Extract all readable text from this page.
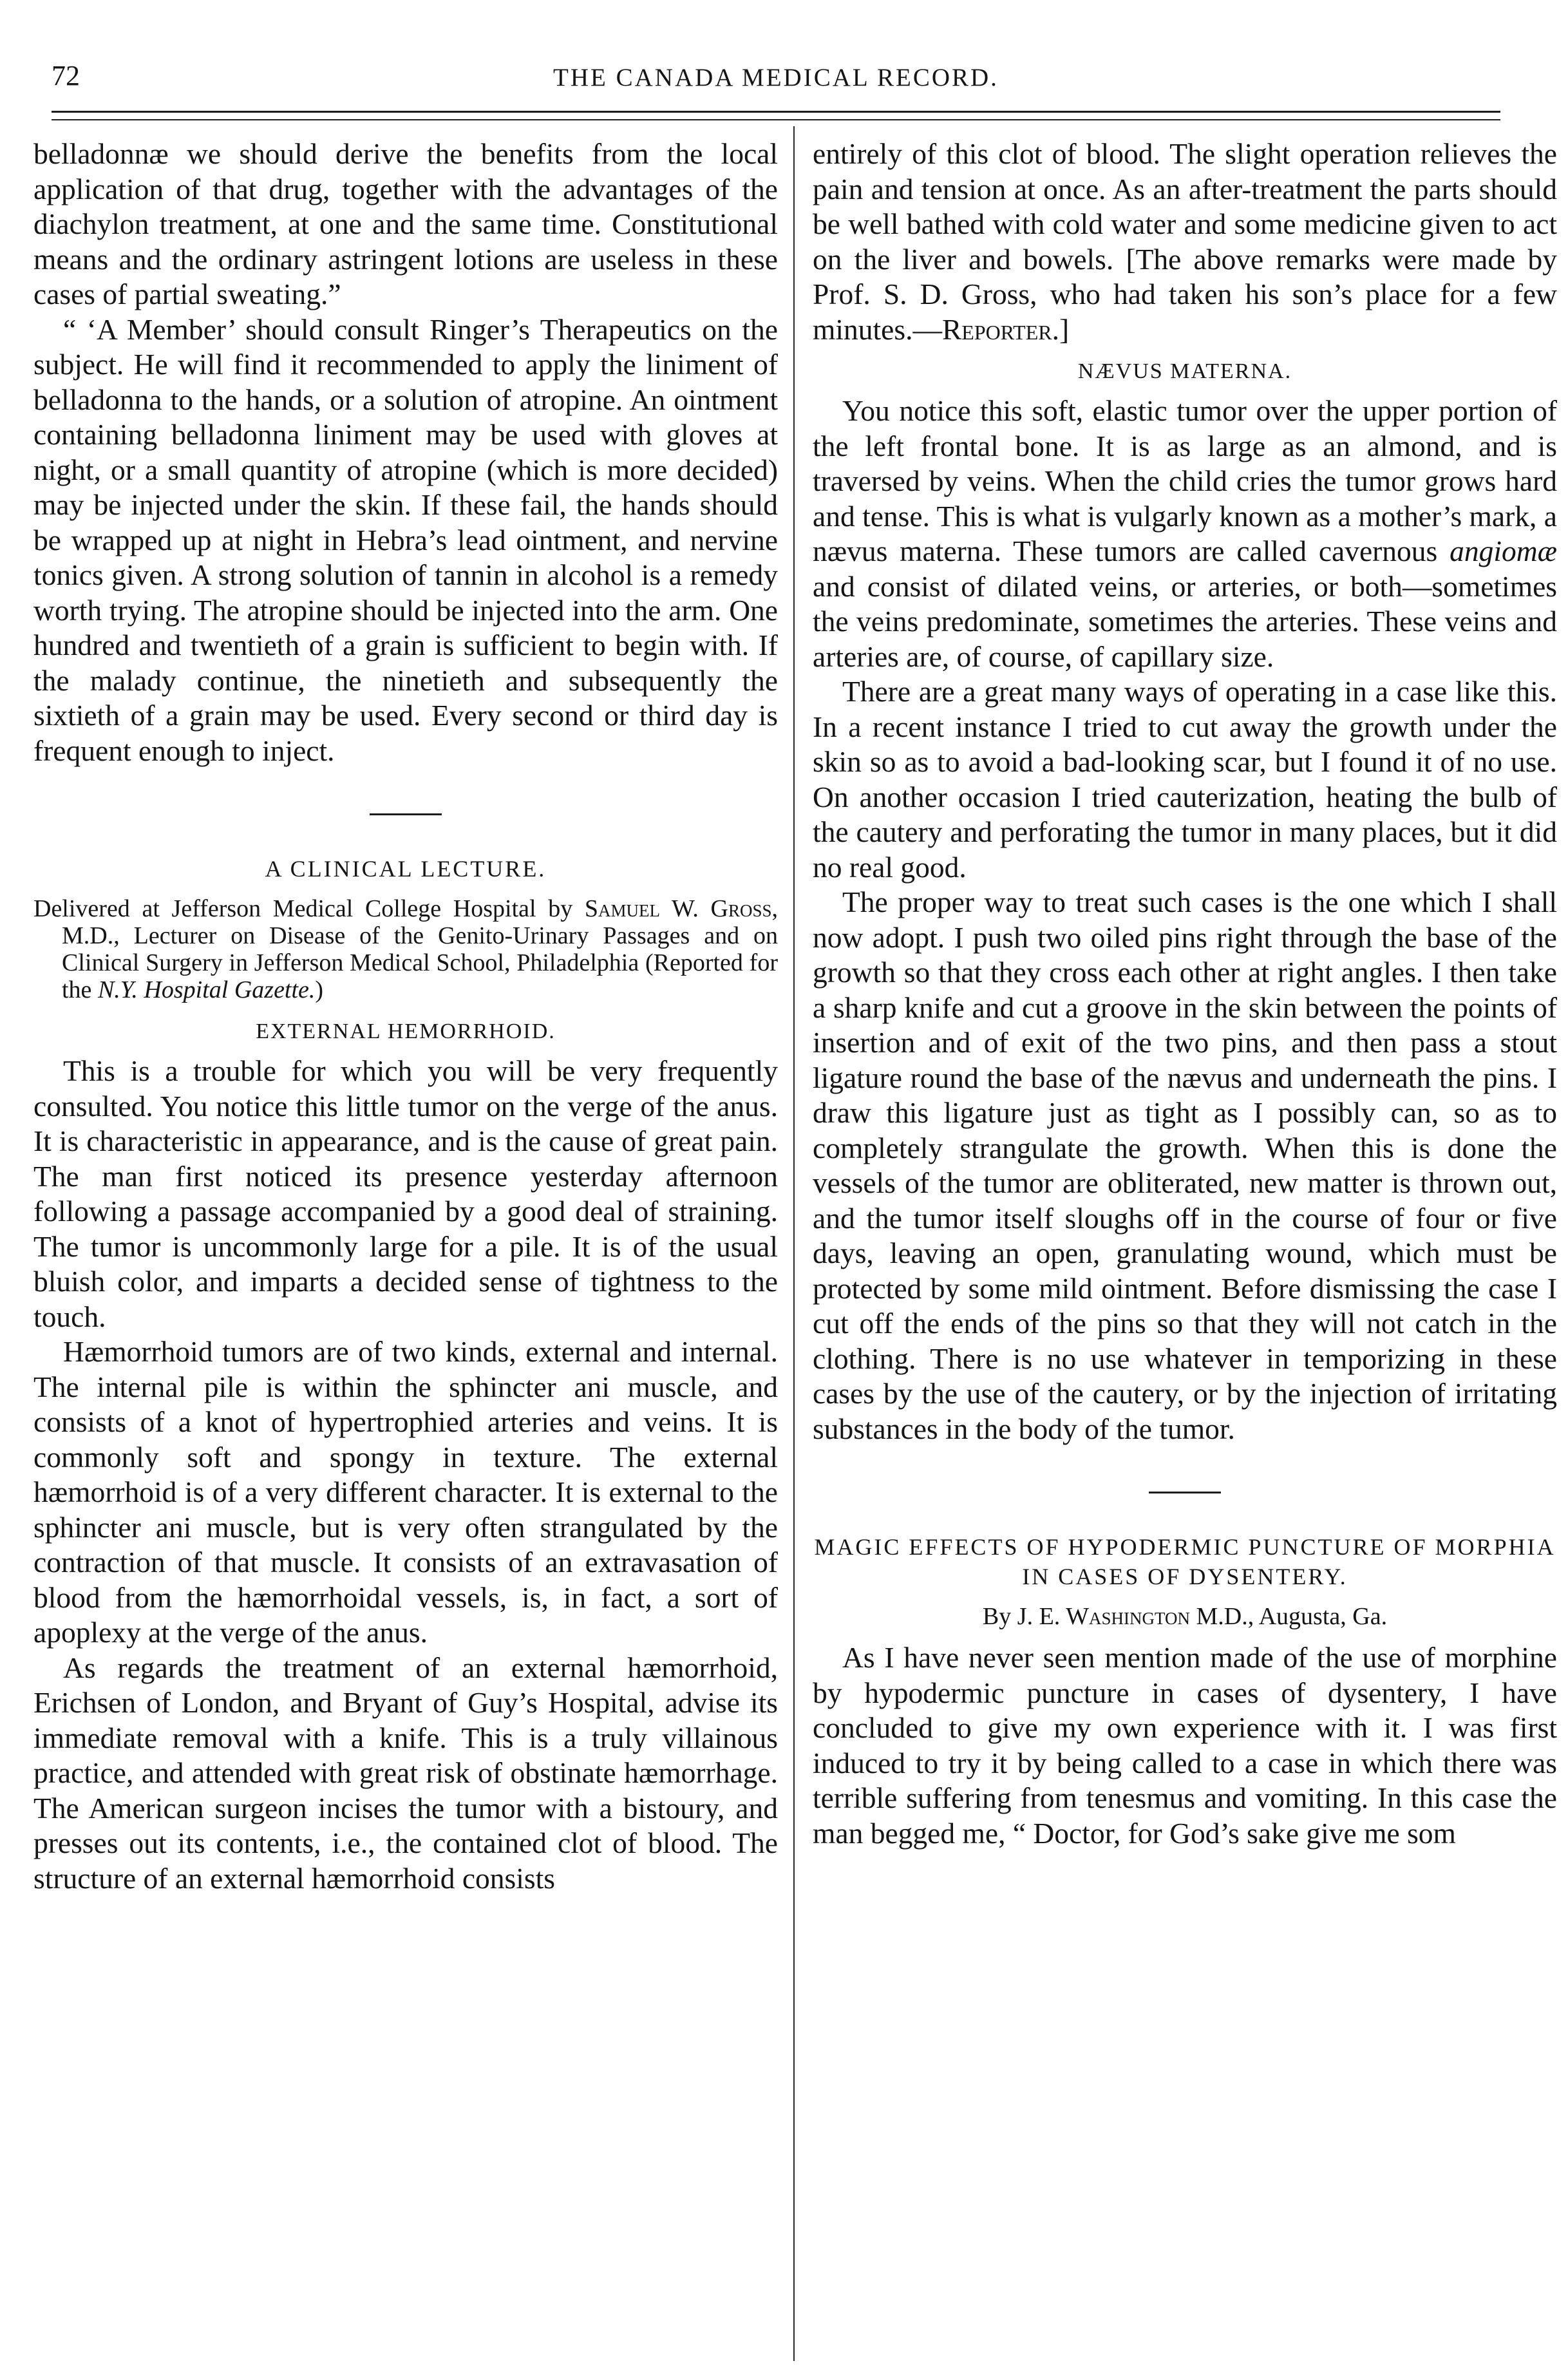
72	THE CANADA MEDICAL RECORD.

belladonnæ we should derive the benefits from the local application of that drug, together with the advantages of the diachylon treatment, at one and the same time. Constitutional means and the ordinary astringent lotions are useless in these cases of partial sweating.”

“ ‘A Member’ should consult Ringer’s Therapeutics on the subject. He will find it recommended to apply the liniment of belladonna to the hands, or a solution of atropine. An ointment containing belladonna liniment may be used with gloves at night, or a small quantity of atropine (which is more decided) may be injected under the skin. If these fail, the hands should be wrapped up at night in Hebra’s lead ointment, and nervine tonics given. A strong solution of tannin in alcohol is a remedy worth trying. The atropine should be injected into the arm. One hundred and twentieth of a grain is sufficient to begin with. If the malady continue, the ninetieth and subsequently the sixtieth of a grain may be used. Every second or third day is frequent enough to inject.

A CLINICAL LECTURE.

Delivered at Jefferson Medical College Hospital by Samuel W. Gross, M.D., Lecturer on Disease of the Genito-Urinary Passages and on Clinical Surgery in Jefferson Medical School, Philadelphia (Reported for the N.Y. Hospital Gazette.)

EXTERNAL HEMORRHOID.

This is a trouble for which you will be very frequently consulted. You notice this little tumor on the verge of the anus. It is characteristic in appearance, and is the cause of great pain. The man first noticed its presence yesterday afternoon following a passage accompanied by a good deal of straining. The tumor is uncommonly large for a pile. It is of the usual bluish color, and imparts a decided sense of tightness to the touch.

Hæmorrhoid tumors are of two kinds, external and internal. The internal pile is within the sphincter ani muscle, and consists of a knot of hypertrophied arteries and veins. It is commonly soft and spongy in texture. The external hæmorrhoid is of a very different character. It is external to the sphincter ani muscle, but is very often strangulated by the contraction of that muscle. It consists of an extravasation of blood from the hæmorrhoidal vessels, is, in fact, a sort of apoplexy at the verge of the anus.

As regards the treatment of an external hæmorrhoid, Erichsen of London, and Bryant of Guy’s Hospital, advise its immediate removal with a knife. This is a truly villainous practice, and attended with great risk of obstinate hæmorrhage. The American surgeon incises the tumor with a bistoury, and presses out its contents, i.e., the contained clot of blood. The structure of an external hæmorrhoid consists

entirely of this clot of blood. The slight operation relieves the pain and tension at once. As an after-treatment the parts should be well bathed with cold water and some medicine given to act on the liver and bowels. [The above remarks were made by Prof. S. D. Gross, who had taken his son’s place for a few minutes.—Reporter.]

NÆVUS MATERNA.

You notice this soft, elastic tumor over the upper portion of the left frontal bone. It is as large as an almond, and is traversed by veins. When the child cries the tumor grows hard and tense. This is what is vulgarly known as a mother’s mark, a nævus materna. These tumors are called cavernous angiomæ and consist of dilated veins, or arteries, or both—sometimes the veins predominate, sometimes the arteries. These veins and arteries are, of course, of capillary size.

There are a great many ways of operating in a case like this. In a recent instance I tried to cut away the growth under the skin so as to avoid a bad-looking scar, but I found it of no use. On another occasion I tried cauterization, heating the bulb of the cautery and perforating the tumor in many places, but it did no real good.

The proper way to treat such cases is the one which I shall now adopt. I push two oiled pins right through the base of the growth so that they cross each other at right angles. I then take a sharp knife and cut a groove in the skin between the points of insertion and of exit of the two pins, and then pass a stout ligature round the base of the nævus and underneath the pins. I draw this ligature just as tight as I possibly can, so as to completely strangulate the growth. When this is done the vessels of the tumor are obliterated, new matter is thrown out, and the tumor itself sloughs off in the course of four or five days, leaving an open, granulating wound, which must be protected by some mild ointment. Before dismissing the case I cut off the ends of the pins so that they will not catch in the clothing. There is no use whatever in temporizing in these cases by the use of the cautery, or by the injection of irritating substances in the body of the tumor.

MAGIC EFFECTS OF HYPODERMIC PUNCTURE OF MORPHIA IN CASES OF DYSENTERY.

By J. E. Washington M.D., Augusta, Ga.

As I have never seen mention made of the use of morphine by hypodermic puncture in cases of dysentery, I have concluded to give my own experience with it. I was first induced to try it by being called to a case in which there was terrible suffering from tenesmus and vomiting. In this case the man begged me, “ Doctor, for God’s sake give me som
